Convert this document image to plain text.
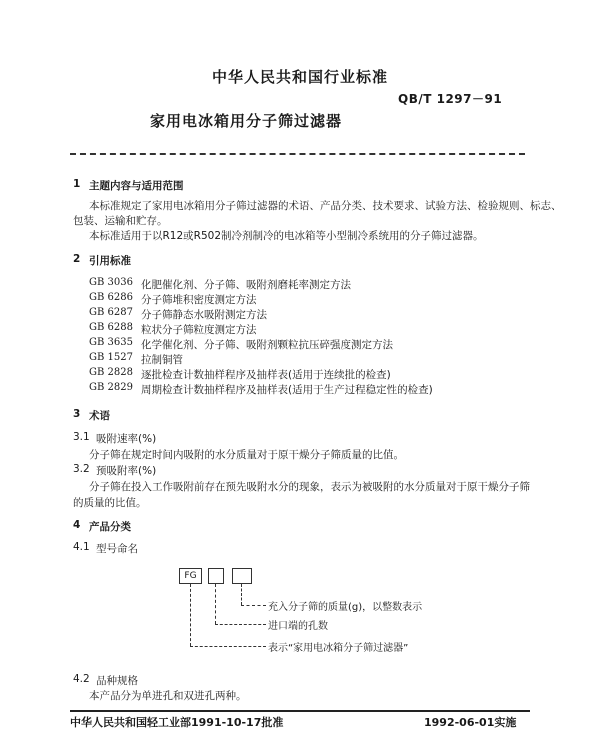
中华人民共和国行业标准
QB/T 1297－91
家用电冰箱用分子筛过滤器
1 主题内容与适用范围
本标准规定了家用电冰箱用分子筛过滤器的术语、产品分类、技术要求、试验方法、检验规则、标志、
包装、运输和贮存。
本标准适用于以R12或R502制冷剂制冷的电冰箱等小型制冷系统用的分子筛过滤器。
2 引用标准
GB 3036 化肥催化剂、分子筛、吸附剂磨耗率测定方法
GB 6286 分子筛堆积密度测定方法
GB 6287 分子筛静态水吸附测定方法
GB 6288 粒状分子筛粒度测定方法
GB 3635 化学催化剂、分子筛、吸附剂颗粒抗压碎强度测定方法
GB 1527 拉制铜管
GB 2828 逐批检查计数抽样程序及抽样表(适用于连续批的检查)
GB 2829 周期检查计数抽样程序及抽样表(适用于生产过程稳定性的检查)
3 术语
3.1 吸附速率(%)
分子筛在规定时间内吸附的水分质量对于原干燥分子筛质量的比值。
3.2 预吸附率(%)
分子筛在投入工作吸附前存在预先吸附水分的现象，表示为被吸附的水分质量对于原干燥分子筛
的质量的比值。
4 产品分类
4.1 型号命名
FG
充入分子筛的质量(g)，以整数表示
进口端的孔数
表示“家用电冰箱分子筛过滤器”
4.2 品种规格
本产品分为单进孔和双进孔两种。
中华人民共和国轻工业部1991-10-17批准	1992-06-01实施
